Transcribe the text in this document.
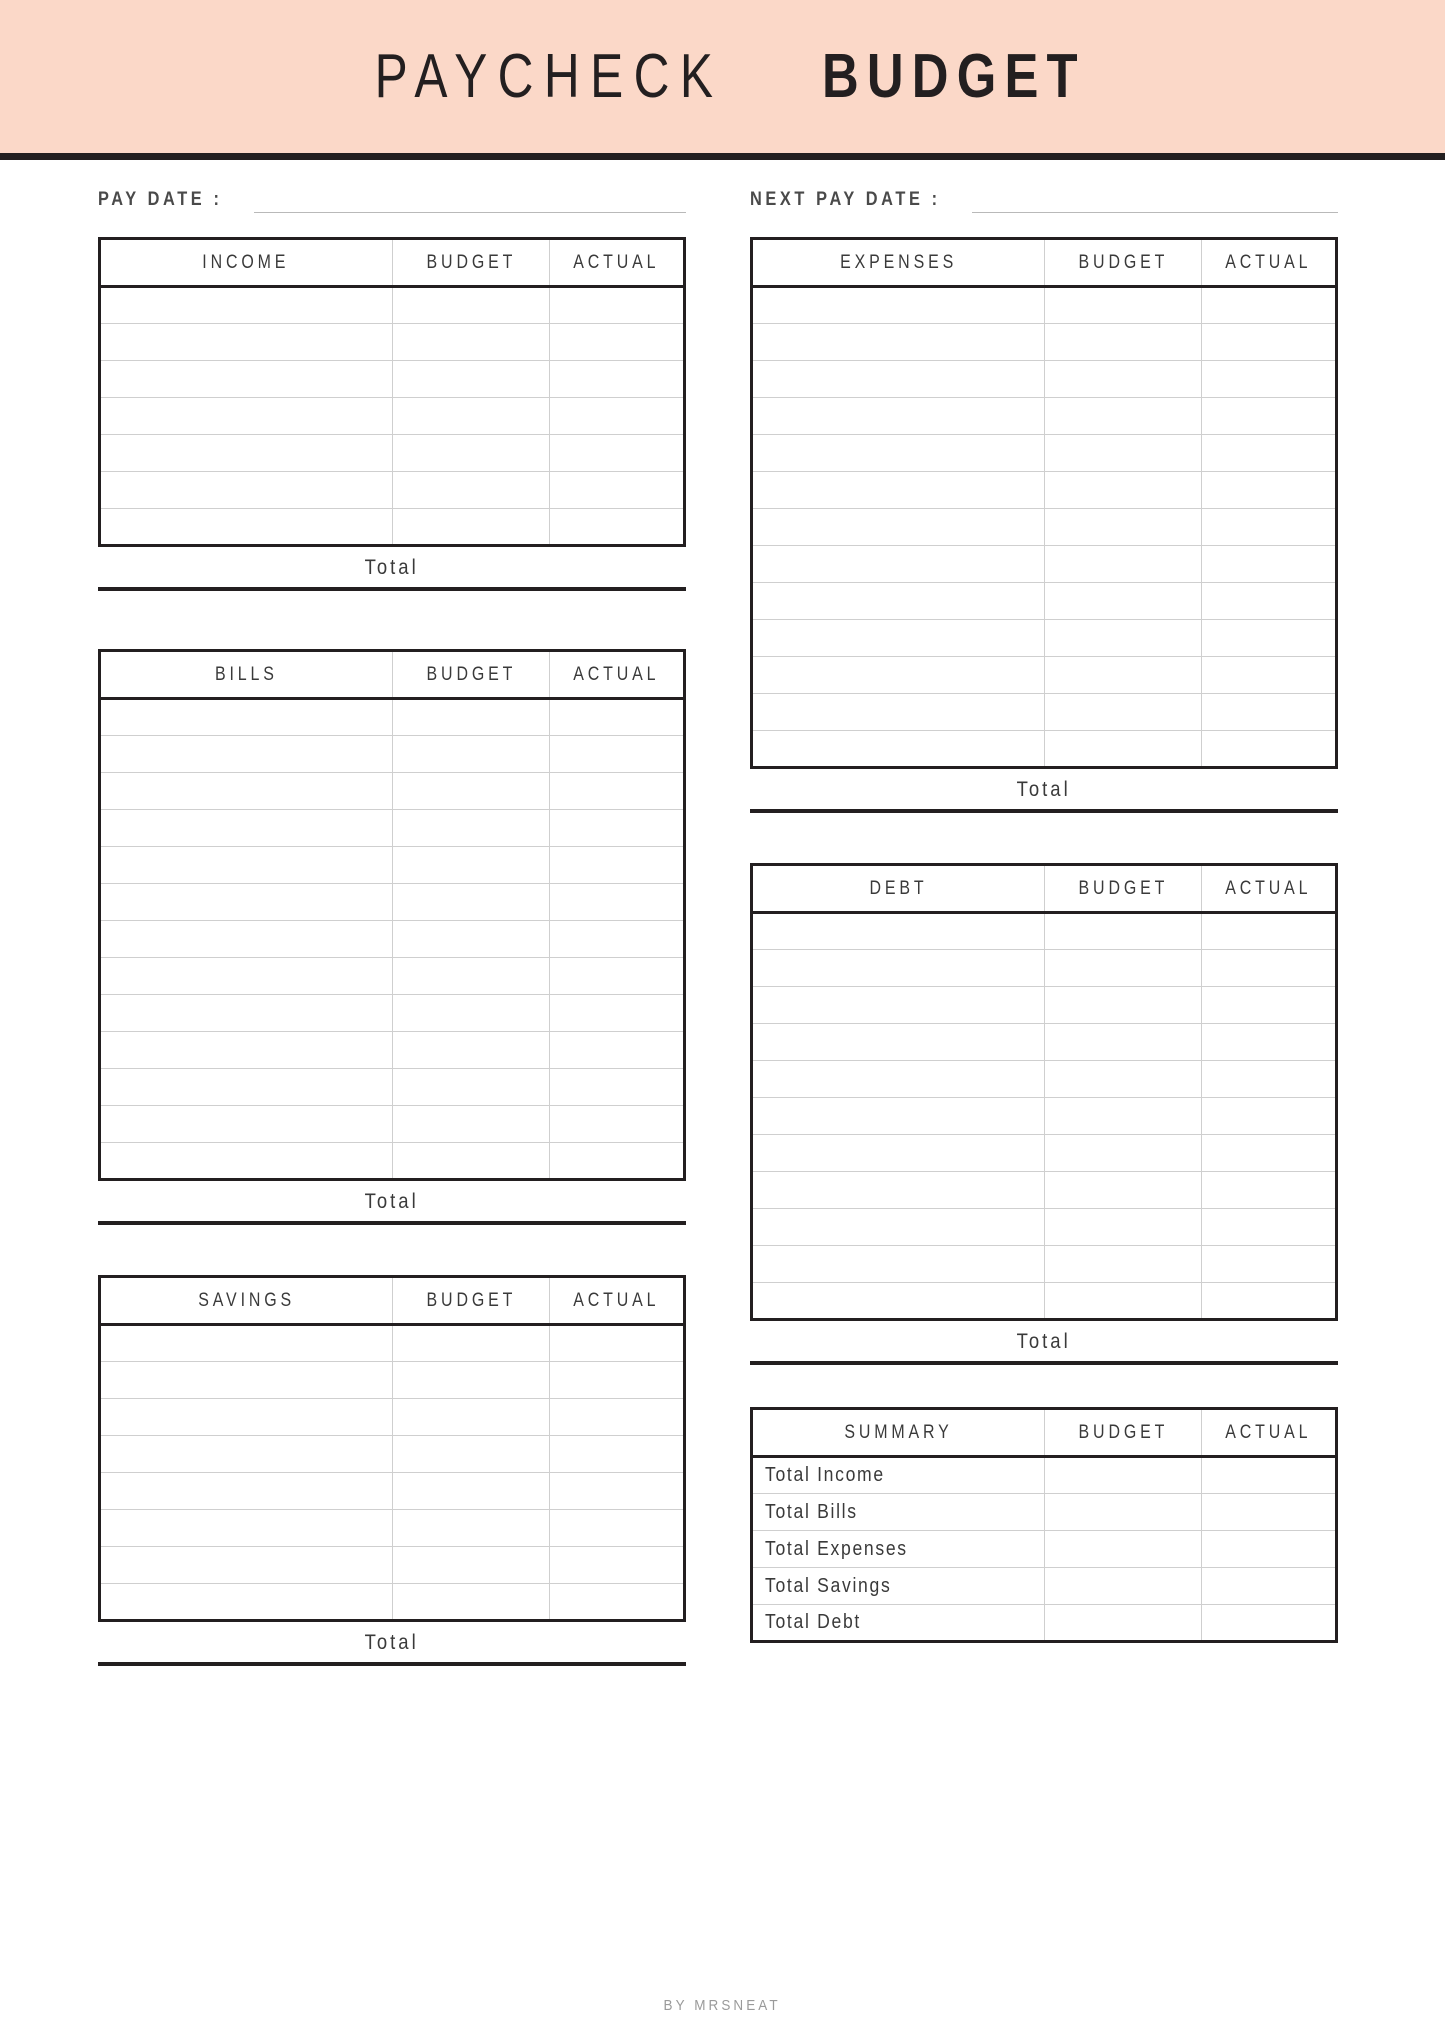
PAYCHECK BUDGET
PAY DATE :
INCOME	BUDGET	ACTUAL

Total
BILLS	BUDGET	ACTUAL

Total
SAVINGS	BUDGET	ACTUAL

Total
NEXT PAY DATE :
EXPENSES	BUDGET	ACTUAL

Total
DEBT	BUDGET	ACTUAL

Total
SUMMARY	BUDGET	ACTUAL
Total Income		
Total Bills		
Total Expenses		
Total Savings		
Total Debt		
BY MRSNEAT
